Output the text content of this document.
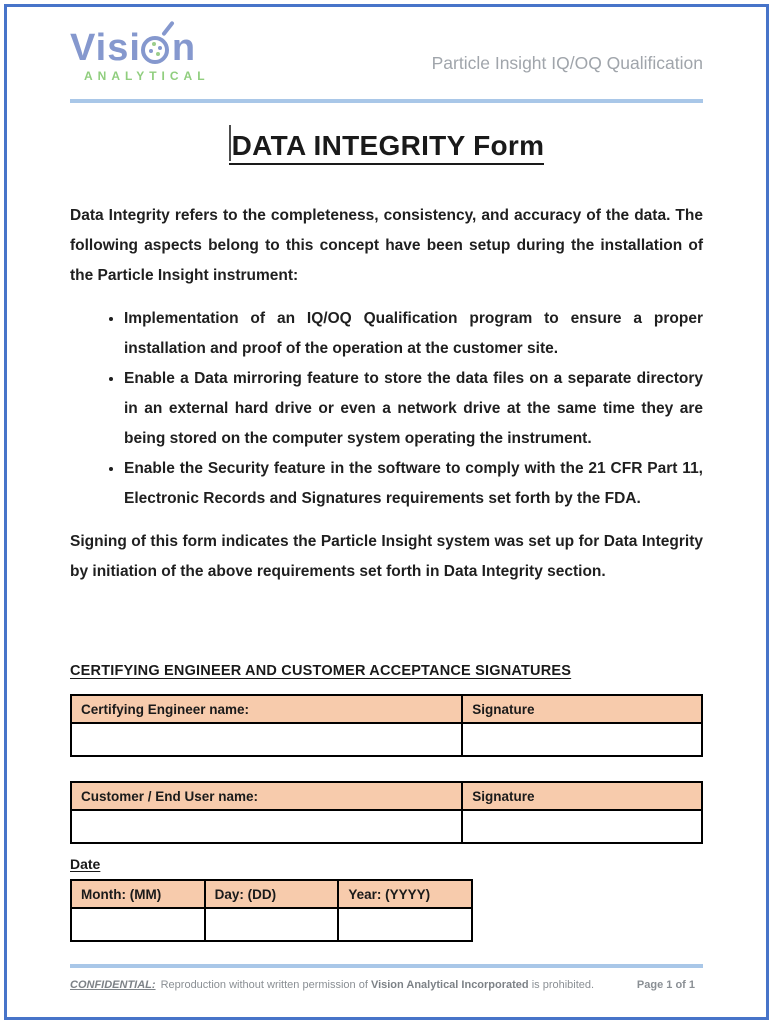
Visi n
ANALYTICAL
Particle Insight IQ/OQ Qualification
DATA INTEGRITY Form

Data Integrity refers to the completeness, consistency, and accuracy of the data. The following aspects belong to this concept have been setup during the installation of the Particle Insight instrument:

• Implementation of an IQ/OQ Qualification program to ensure a proper installation and proof of the operation at the customer site.
• Enable a Data mirroring feature to store the data files on a separate directory in an external hard drive or even a network drive at the same time they are being stored on the computer system operating the instrument.
• Enable the Security feature in the software to comply with the 21 CFR Part 11, Electronic Records and Signatures requirements set forth by the FDA.

Signing of this form indicates the Particle Insight system was set up for Data Integrity by initiation of the above requirements set forth in Data Integrity section.

CERTIFYING ENGINEER AND CUSTOMER ACCEPTANCE SIGNATURES
Certifying Engineer name:	Signature

Customer / End User name:	Signature

Date
Month: (MM)	Day: (DD)	Year: (YYYY)

CONFIDENTIAL: Reproduction without written permission of Vision Analytical Incorporated is prohibited.	Page 1 of 1
